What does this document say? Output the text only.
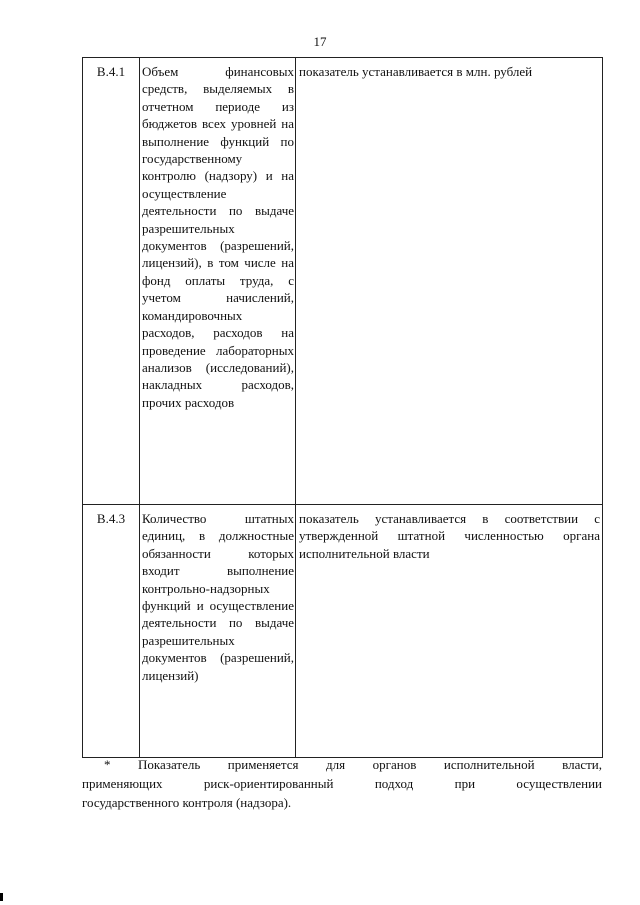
17
В.4.1	Объем финансовых средств, выделяемых в отчетном периоде из бюджетов всех уровней на выполнение функций по государственному контролю (надзору) и на осуществление деятельности по выдаче разрешительных документов (разрешений, лицензий), в том числе на фонд оплаты труда, с учетом начислений, командировочных расходов, расходов на проведение лабораторных анализов (исследований), накладных расходов, прочих расходов	показатель устанавливается в млн. рублей
В.4.3	Количество штатных единиц, в должностные обязанности которых входит выполнение контрольно-надзорных функций и осуществление деятельности по выдаче разрешительных документов (разрешений, лицензий)	показатель устанавливается в соответствии с утвержденной штатной численностью органа исполнительной власти
* Показатель применяется для органов исполнительной власти,
применяющих риск-ориентированный подход при осуществлении
государственного контроля (надзора).
